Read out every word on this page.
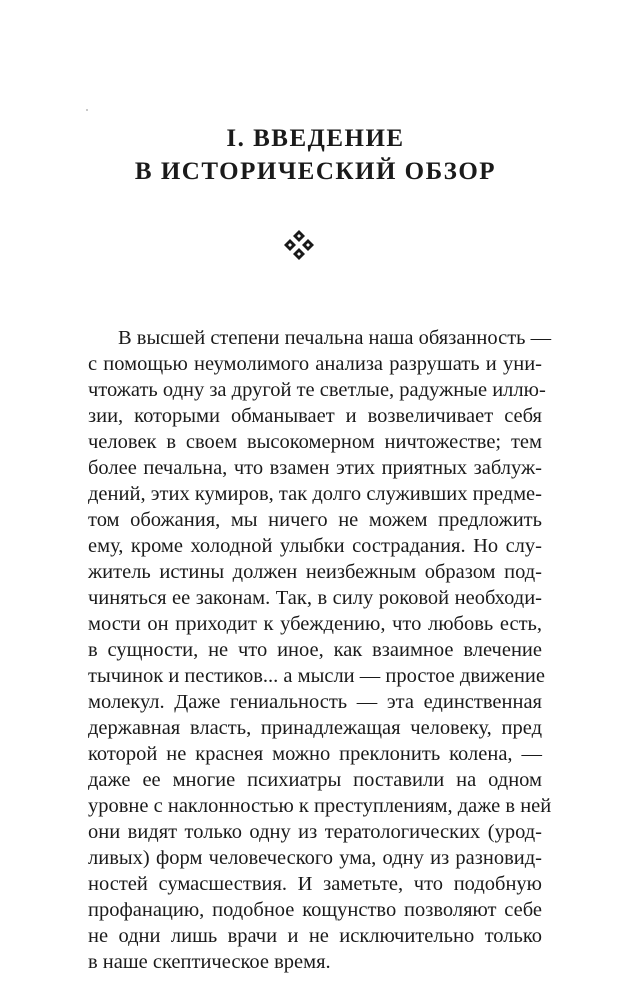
I. ВВЕДЕНИЕ
В ИСТОРИЧЕСКИЙ ОБЗОР
В высшей степени печальна наша обязанность —
с помощью неумолимого анализа разрушать и уни-
чтожать одну за другой те светлые, радужные иллю-
зии, которыми обманывает и возвеличивает себя
человек в своем высокомерном ничтожестве; тем
более печальна, что взамен этих приятных заблуж-
дений, этих кумиров, так долго служивших предме-
том обожания, мы ничего не можем предложить
ему, кроме холодной улыбки сострадания. Но слу-
житель истины должен неизбежным образом под-
чиняться ее законам. Так, в силу роковой необходи-
мости он приходит к убеждению, что любовь есть,
в сущности, не что иное, как взаимное влечение
тычинок и пестиков... а мысли — простое движение
молекул. Даже гениальность — эта единственная
державная власть, принадлежащая человеку, пред
которой не краснея можно преклонить колена, —
даже ее многие психиатры поставили на одном
уровне с наклонностью к преступлениям, даже в ней
они видят только одну из тератологических (урод-
ливых) форм человеческого ума, одну из разновид-
ностей сумасшествия. И заметьте, что подобную
профанацию, подобное кощунство позволяют себе
не одни лишь врачи и не исключительно только
в наше скептическое время.
